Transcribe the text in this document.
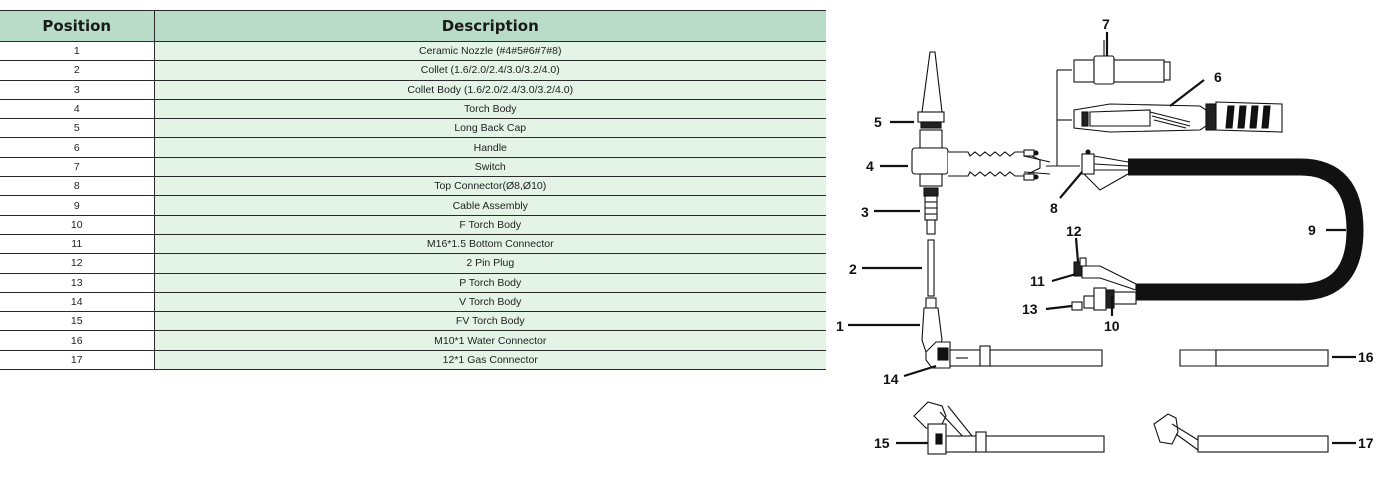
Position	Description
1	Ceramic Nozzle (#4#5#6#7#8)
2	Collet (1.6/2.0/2.4/3.0/3.2/4.0)
3	Collet Body (1.6/2.0/2.4/3.0/3.2/4.0)
4	Torch Body
5	Long Back Cap
6	Handle
7	Switch
8	Top Connector(Ø8,Ø10)
9	Cable Assembly
10	F Torch Body
11	M16*1.5 Bottom Connector
12	2 Pin Plug
13	P Torch Body
14	V Torch Body
15	FV Torch Body
16	M10*1 Water Connector
17	12*1 Gas Connector
1
2
3
4
5
6
7
8
9
10
11
12
13
14
16
15	17
